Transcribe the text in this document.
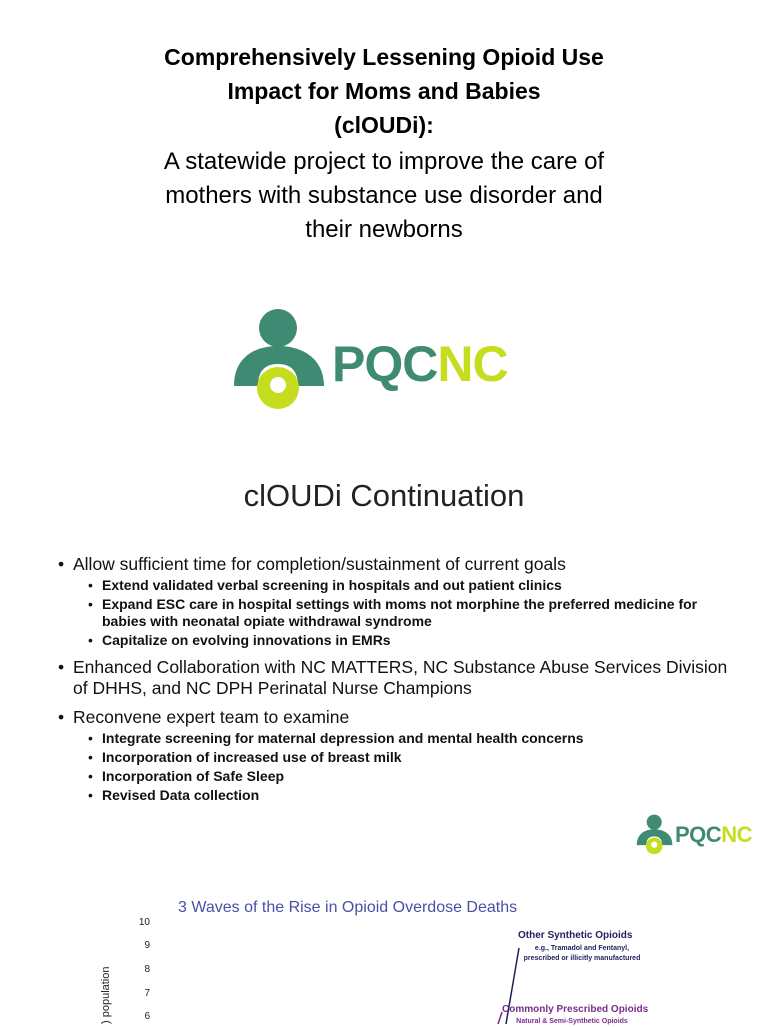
Comprehensively Lessening Opioid Use
Impact for Moms and Babies
(clOUDi):
A statewide project to improve the care of
mothers with substance use disorder and
their newborns
PQCNC
clOUDi Continuation
• Allow sufficient time for completion/sustainment of current goals
• Extend validated verbal screening in hospitals and out patient clinics
• Expand ESC care in hospital settings with moms not morphine the preferred medicine for babies with neonatal opiate withdrawal syndrome
• Capitalize on evolving innovations in EMRs
• Enhanced Collaboration with NC MATTERS, NC Substance Abuse Services Division of DHHS, and NC DPH Perinatal Nurse Champions
• Reconvene expert team to examine
• Integrate screening for maternal depression and mental health concerns
• Incorporation of increased use of breast milk
• Incorporation of Safe Sleep
• Revised Data collection
PQCNC
3 Waves of the Rise in Opioid Overdose Deaths
) population
10
9
8
7
6
Other Synthetic Opioids
e.g., Tramadol and Fentanyl,
prescribed or illicitly manufactured
Commonly Prescribed Opioids
Natural & Semi-Synthetic Opioids
